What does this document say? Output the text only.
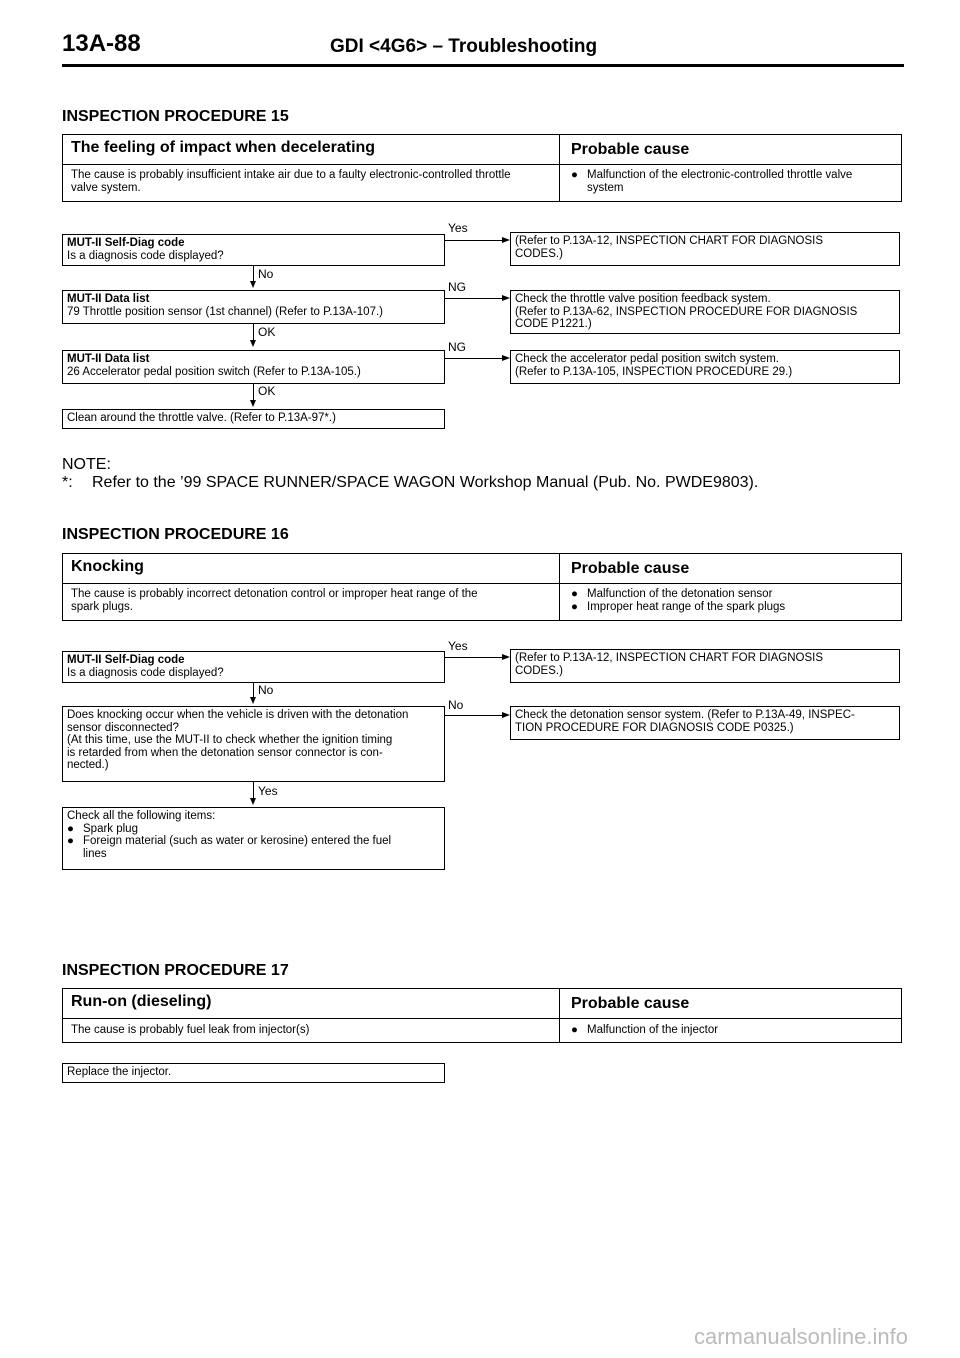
13A-88	GDI <4G6> – Troubleshooting
INSPECTION PROCEDURE 15
The feeling of impact when decelerating	Probable cause
The cause is probably insufficient intake air due to a faulty electronic-controlled throttle
valve system.
● Malfunction of the electronic-controlled throttle valve
system
MUT-II Self-Diag code
Is a diagnosis code displayed?
Yes
(Refer to P.13A-12, INSPECTION CHART FOR DIAGNOSIS
CODES.)
No
MUT-II Data list
79 Throttle position sensor (1st channel) (Refer to P.13A-107.)
NG
Check the throttle valve position feedback system.
(Refer to P.13A-62, INSPECTION PROCEDURE FOR DIAGNOSIS
CODE P1221.)
OK
MUT-II Data list
26 Accelerator pedal position switch (Refer to P.13A-105.)
NG
Check the accelerator pedal position switch system.
(Refer to P.13A-105, INSPECTION PROCEDURE 29.)
OK
Clean around the throttle valve. (Refer to P.13A-97*.)
NOTE:
*: Refer to the ’99 SPACE RUNNER/SPACE WAGON Workshop Manual (Pub. No. PWDE9803).
INSPECTION PROCEDURE 16
Knocking	Probable cause
The cause is probably incorrect detonation control or improper heat range of the
spark plugs.
● Malfunction of the detonation sensor
● Improper heat range of the spark plugs
MUT-II Self-Diag code
Is a diagnosis code displayed?
Yes
(Refer to P.13A-12, INSPECTION CHART FOR DIAGNOSIS
CODES.)
No
Does knocking occur when the vehicle is driven with the detonation
sensor disconnected?
(At this time, use the MUT-II to check whether the ignition timing
is retarded from when the detonation sensor connector is con-
nected.)
No
Check the detonation sensor system. (Refer to P.13A-49, INSPEC-
TION PROCEDURE FOR DIAGNOSIS CODE P0325.)
Yes
Check all the following items:
● Spark plug
● Foreign material (such as water or kerosine) entered the fuel
lines
INSPECTION PROCEDURE 17
Run-on (dieseling)	Probable cause
The cause is probably fuel leak from injector(s)	● Malfunction of the injector
Replace the injector.
carmanualsonline.info
